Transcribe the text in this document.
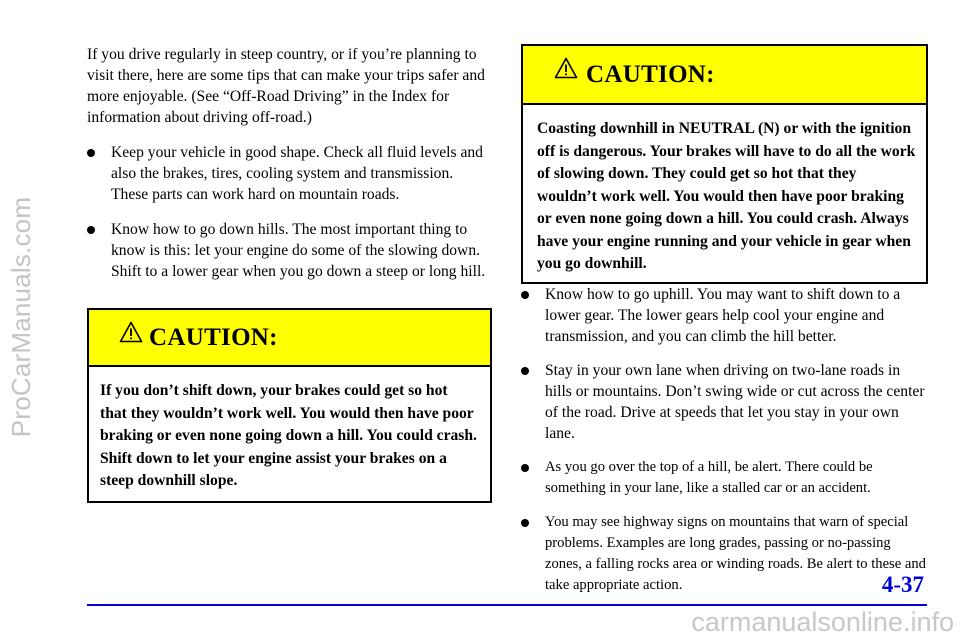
ProCarManuals.com

If you drive regularly in steep country, or if you’re planning to visit there, here are some tips that can make your trips safer and more enjoyable. (See “Off-Road Driving” in the Index for information about driving off-road.)

Keep your vehicle in good shape. Check all fluid levels and also the brakes, tires, cooling system and transmission. These parts can work hard on mountain roads.
Know how to go down hills. The most important thing to know is this: let your engine do some of the slowing down. Shift to a lower gear when you go down a steep or long hill.
CAUTION:
If you don’t shift down, your brakes could get so hot that they wouldn’t work well. You would then have poor braking or even none going down a hill. You could crash. Shift down to let your engine assist your brakes on a steep downhill slope.
CAUTION:
Coasting downhill in NEUTRAL (N) or with the ignition off is dangerous. Your brakes will have to do all the work of slowing down. They could get so hot that they wouldn’t work well. You would then have poor braking or even none going down a hill. You could crash. Always have your engine running and your vehicle in gear when you go downhill.
Know how to go uphill. You may want to shift down to a lower gear. The lower gears help cool your engine and transmission, and you can climb the hill better.
Stay in your own lane when driving on two-lane roads in hills or mountains. Don’t swing wide or cut across the center of the road. Drive at speeds that let you stay in your own lane.
As you go over the top of a hill, be alert. There could be something in your lane, like a stalled car or an accident.
You may see highway signs on mountains that warn of special problems. Examples are long grades, passing or no-passing zones, a falling rocks area or winding roads. Be alert to these and take appropriate action.	4-37
carmanualsonline.info
